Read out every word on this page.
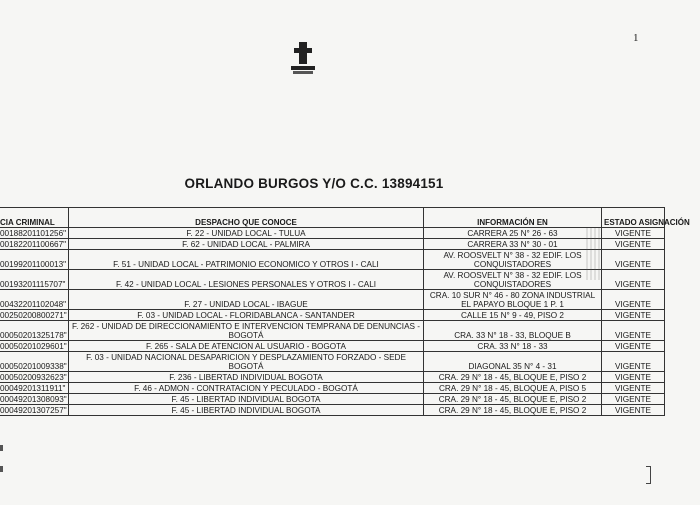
1
ORLANDO BURGOS Y/O C.C. 13894151
CIA CRIMINAL	DESPACHO QUE CONOCE	INFORMACIÓN EN	ESTADO ASIGNACIÓN
00188201101256"	F. 22 - UNIDAD LOCAL - TULUA	CARRERA 25 N° 26 - 63	VIGENTE
00182201100667"	F. 62 - UNIDAD LOCAL - PALMIRA	CARRERA 33 N° 30 - 01	VIGENTE
00199201100013"	F. 51 - UNIDAD LOCAL - PATRIMONIO ECONOMICO Y OTROS I - CALI	AV. ROOSVELT N° 38 - 32 EDIF. LOS CONQUISTADORES	VIGENTE
00193201115707"	F. 42 - UNIDAD LOCAL - LESIONES PERSONALES Y OTROS I - CALI	AV. ROOSVELT N° 38 - 32 EDIF. LOS CONQUISTADORES	VIGENTE
00432201102048"	F. 27 - UNIDAD LOCAL - IBAGUE	CRA. 10 SUR N° 46 - 80 ZONA INDUSTRIAL EL PAPAYO BLOQUE 1 P. 1	VIGENTE
00250200800271"	F. 03 - UNIDAD LOCAL - FLORIDABLANCA - SANTANDER	CALLE 15 N° 9 - 49, PISO 2	VIGENTE
00050201325178"	F. 262 - UNIDAD DE DIRECCIONAMIENTO E INTERVENCION TEMPRANA DE DENUNCIAS - BOGOTÁ	CRA. 33 N° 18 - 33, BLOQUE B	VIGENTE
00050201029601"	F. 265 - SALA DE ATENCION AL USUARIO - BOGOTA	CRA. 33 N° 18 - 33	VIGENTE
00050201009338"	F. 03 - UNIDAD NACIONAL DESAPARICION Y DESPLAZAMIENTO FORZADO - SEDE BOGOTÁ	DIAGONAL 35 N° 4 - 31	VIGENTE
00050200932623"	F. 236 - LIBERTAD INDIVIDUAL BOGOTA	CRA. 29 N° 18 - 45, BLOQUE E, PISO 2	VIGENTE
00049201311911"	F. 46 - ADMON - CONTRATACION Y PECULADO - BOGOTÁ	CRA. 29 N° 18 - 45, BLOQUE A, PISO 5	VIGENTE
00049201308093"	F. 45 - LIBERTAD INDIVIDUAL BOGOTA	CRA. 29 N° 18 - 45, BLOQUE E, PISO 2	VIGENTE
00049201307257"	F. 45 - LIBERTAD INDIVIDUAL BOGOTA	CRA. 29 N° 18 - 45, BLOQUE E, PISO 2	VIGENTE
